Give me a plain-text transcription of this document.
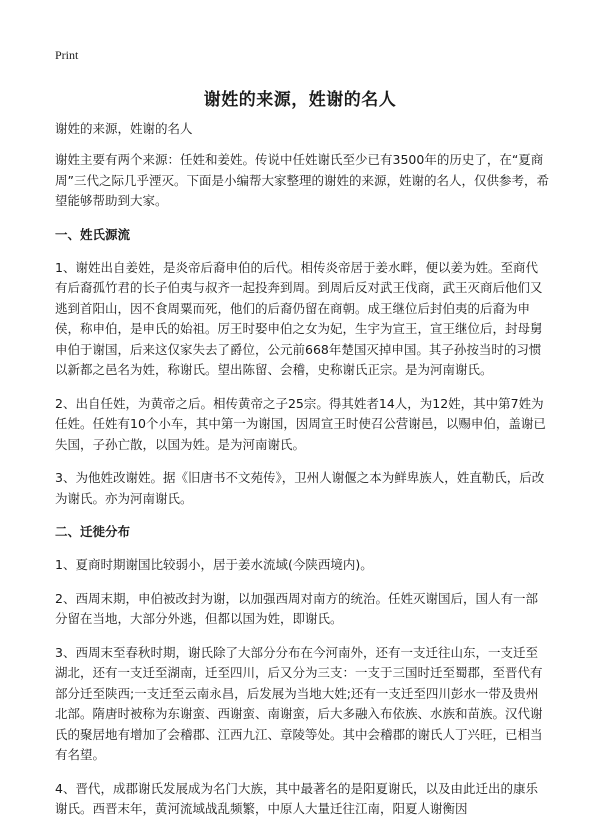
Print
谢姓的来源，姓谢的名人
谢姓的来源，姓谢的名人

谢姓主要有两个来源：任姓和姜姓。传说中任姓谢氏至少已有3500年的历史了，在“夏商周”三代之际几乎湮灭。下面是小编帮大家整理的谢姓的来源，姓谢的名人，仅供参考，希望能够帮助到大家。

一、姓氏源流

1、谢姓出自姜姓，是炎帝后裔申伯的后代。相传炎帝居于姜水畔，便以姜为姓。至商代有后裔孤竹君的长子伯夷与叔齐一起投奔到周。到周后反对武王伐商，武王灭商后他们又逃到首阳山，因不食周粟而死，他们的后裔仍留在商朝。成王继位后封伯夷的后裔为申侯，称申伯，是申氏的始祖。厉王时娶申伯之女为妃，生宇为宣王，宣王继位后，封母舅申伯于谢国，后来这仅家失去了爵位，公元前668年楚国灭掉申国。其子孙按当时的习惯以新都之邑名为姓，称谢氏。望出陈留、会稽，史称谢氏正宗。是为河南谢氏。

2、出自任姓，为黄帝之后。相传黄帝之子25宗。得其姓者14人，为12姓，其中第7姓为任姓。任姓有10个小车，其中第一为谢国，因周宣王时使召公营谢邑，以赐申伯，盖谢已失国，子孙亡散，以国为姓。是为河南谢氏。

3、为他姓改谢姓。据《旧唐书不文苑传》，卫州人谢偃之本为鲜卑族人，姓直勒氏，后改为谢氏。亦为河南谢氏。

二、迁徙分布

1、夏商时期谢国比较弱小，居于姜水流域(今陕西境内)。

2、西周末期，申伯被改封为谢，以加强西周对南方的统治。任姓灭谢国后，国人有一部分留在当地，大部分外逃，但都以国为姓，即谢氏。

3、西周末至春秋时期，谢氏除了大部分分布在今河南外，还有一支迁往山东，一支迁至湖北，还有一支迁至湖南，迁至四川，后又分为三支：一支于三国时迁至蜀郡，至晋代有部分迁至陕西;一支迁至云南永昌，后发展为当地大姓;还有一支迁至四川彭水一带及贵州北部。隋唐时被称为东谢蛮、西谢蛮、南谢蛮，后大多融入布依族、水族和苗族。汉代谢氏的聚居地有增加了会稽郡、江西九江、章陵等处。其中会稽郡的谢氏人丁兴旺，已相当有名望。

4、晋代，成郡谢氏发展成为名门大族，其中最著名的是阳夏谢氏，以及由此迁出的康乐谢氏。西晋末年，黄河流域战乱频繁，中原人大量迁往江南，阳夏人谢衡因
